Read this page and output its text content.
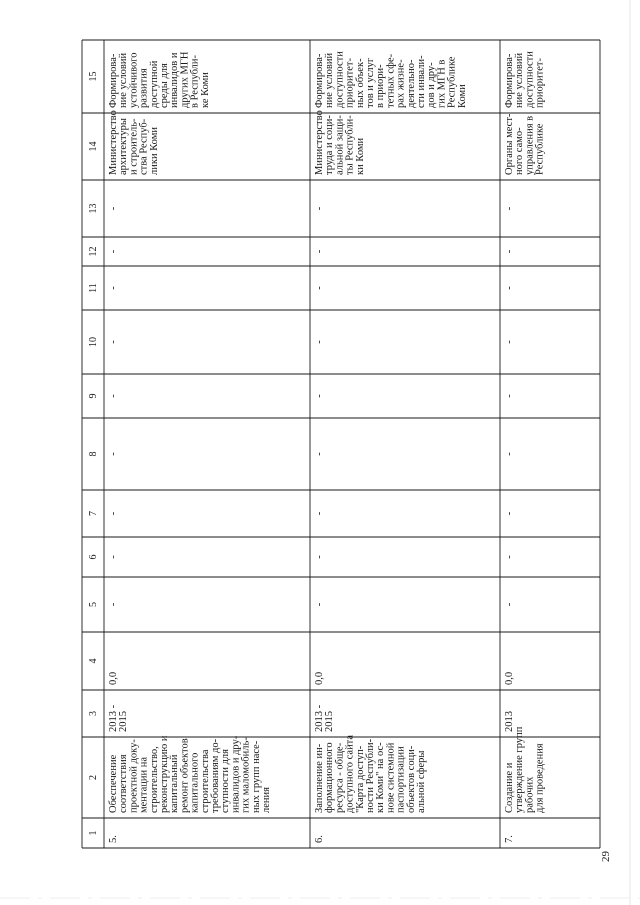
1
2
3
4
5
6
7
8
9
10
11
12
13
14
15
5.
Обеспечение соответствия проектной доку- ментации на строительство, реконструкцию и капитальный ремонт объектов капитального строительства требованиям до- ступности для инвалидов и дру- гих маломобиль- ных групп насе- ления
2013 - 2015
0,0
-
-
-
-
-
-
-
-
-
Министерство архитектуры и строитель- ства Респуб- лики Коми
Формирова- ние условий устойчивого развития доступной среды для инвалидов и других МГН в Республи- ке Коми
6.
Заполнение ин- формационного ресурса - обще- доступного сайта "Карта доступ- ности Республи- ки Коми" на ос- нове системной паспортизации объектов соци- альной сферы
2013 - 2015
0,0
-
-
-
-
-
-
-
-
-
Министерство труда и соци- альной защи- ты Республи- ки Коми
Формирова- ние условий доступности приоритет- ных объек- тов и услуг в приори- тетных сфе- рах жизне- деятельно- сти инвали- дов и дру- гих МГН в Республике Коми
7.
Создание и утверждение групп рабочих для проведения
2013
0,0
-
-
-
-
-
-
-
-
-
Органы мест- ного само- управления в Республике
Формирова- ние условий доступности приоритет-
29
